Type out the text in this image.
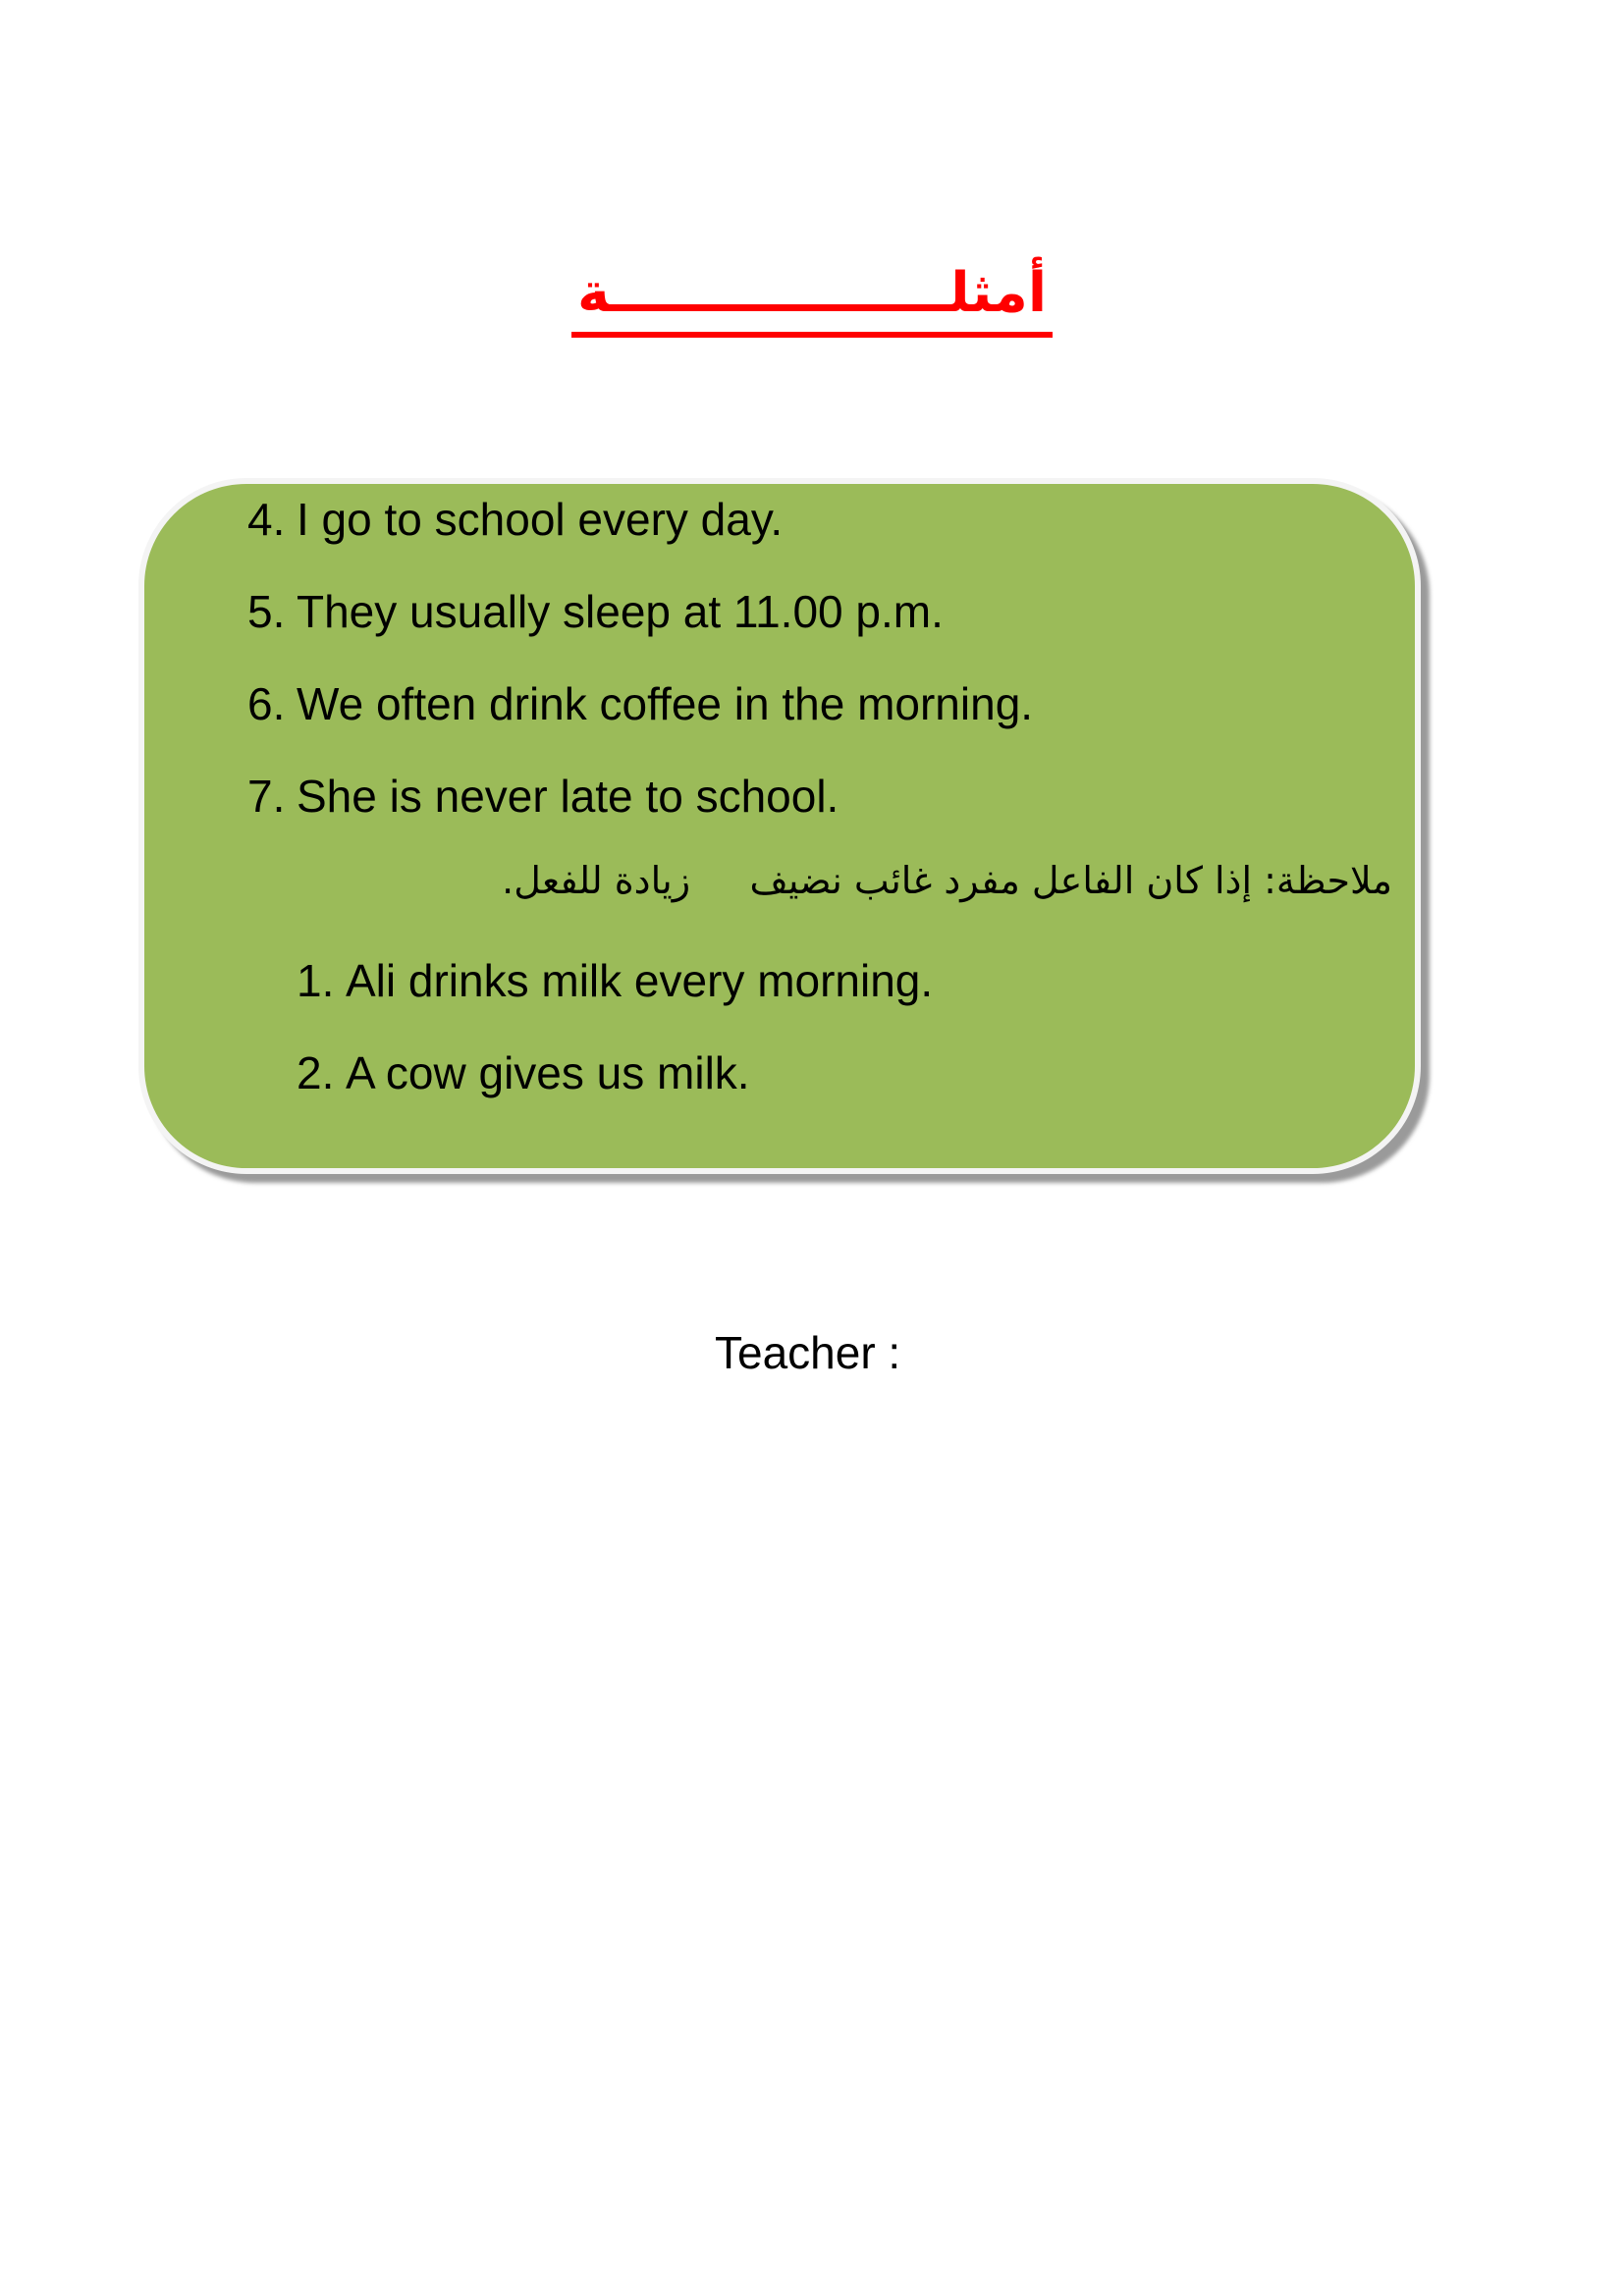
أمثلــــــــــــــــــة
4. I go to school every day.
5. They usually sleep at 11.00 p.m.
6. We often drink coffee in the morning.
7. She is never late to school.
ملاحظة: إذا كان الفاعل مفرد غائب نضيف     زيادة للفعل.
1. Ali drinks milk every morning.
2. A cow gives us milk.
Teacher :
